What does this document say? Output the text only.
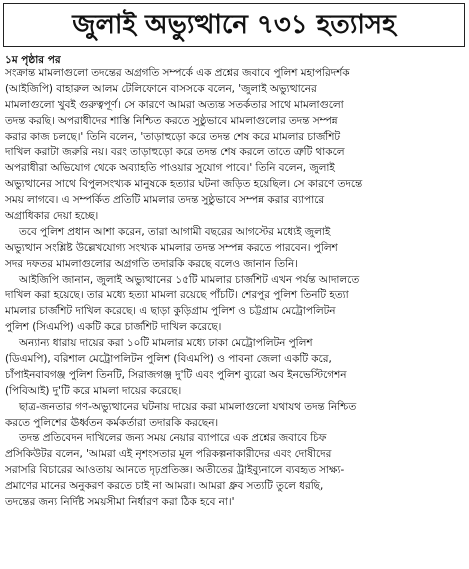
জুলাই অভ্যুত্থানে ৭৩১ হত্যাসহ
১ম পৃষ্ঠার পর
সংক্রান্ত মামলাগুলো তদন্তের অগ্রগতি সম্পর্কে এক প্রশ্নের জবাবে পুলিশ মহাপরিদর্শক
(আইজিপি) বাহারুল আলম টেলিফোনে বাসসকে বলেন, 'জুলাই অভ্যুত্থানের
মামলাগুলো খুবই গুরুত্বপূর্ণ। সে কারণে আমরা অত্যন্ত সতর্কতার সাথে মামলাগুলো
তদন্ত করছি। অপরাধীদের শাস্তি নিশ্চিত করতে সুষ্ঠুভাবে মামলাগুলোর তদন্ত সম্পন্ন
করার কাজ চলছে।' তিনি বলেন, 'তাড়াহুড়ো করে তদন্ত শেষ করে মামলার চার্জশিট
দাখিল করাটা জরুরি নয়। বরং তাড়াহুড়ো করে তদন্ত শেষ করলে তাতে ত্রুটি থাকলে
অপরাধীরা অভিযোগ থেকে অব্যাহতি পাওয়ার সুযোগ পাবে।' তিনি বলেন, জুলাই
অভ্যুত্থানের সাথে বিপুলসংখ্যক মানুষকে হত্যার ঘটনা জড়িত হয়েছিল। সে কারণে তদন্তে
সময় লাগবে। এ সম্পর্কিত প্রতিটি মামলার তদন্ত সুষ্ঠুভাবে সম্পন্ন করার ব্যাপারে
অগ্রাধিকার দেয়া হচ্ছে।
তবে পুলিশ প্রধান আশা করেন, তারা আগামী বছরের আগস্টের মধ্যেই জুলাই
অভ্যুত্থান সংশ্লিষ্ট উল্লেখযোগ্য সংখ্যক মামলার তদন্ত সম্পন্ন করতে পারবেন। পুলিশ
সদর দফতর মামলাগুলোর অগ্রগতি তদারকি করছে বলেও জানান তিনি।
আইজিপি জানান, জুলাই অভ্যুত্থানের ১৫টি মামলার চার্জশিট এখন পর্যন্ত আদালতে
দাখিল করা হয়েছে। তার মধ্যে হত্যা মামলা রয়েছে পাঁচটি। শেরপুর পুলিশ তিনটি হত্যা
মামলার চার্জশিট দাখিল করেছে। এ ছাড়া কুড়িগ্রাম পুলিশ ও চট্টগ্রাম মেট্রোপলিটন
পুলিশ (সিএমপি) একটি করে চার্জশিট দাখিল করেছে।
অন্যান্য ধারায় দায়ের করা ১০টি মামলার মধ্যে ঢাকা মেট্রোপলিটন পুলিশ
(ডিএমপি), বরিশাল মেট্রোপলিটন পুলিশ (বিএমপি) ও পাবনা জেলা একটি করে,
চাঁপাইনবাবগঞ্জ পুলিশ তিনটি, সিরাজগঞ্জ দু'টি এবং পুলিশ ব্যুরো অব ইনভেস্টিগেশন
(পিবিআই) দু'টি করে মামলা দায়ের করেছে।
ছাত্র-জনতার গণ-অভ্যুত্থানের ঘটনায় দায়ের করা মামলাগুলো যথাযথ তদন্ত নিশ্চিত
করতে পুলিশের ঊর্ধ্বতন কর্মকর্তারা তদারকি করছেন।
তদন্ত প্রতিবেদন দাখিলের জন্য সময় নেয়ার ব্যাপারে এক প্রশ্নের জবাবে চিফ
প্রসিকিউটর বলেন, 'আমরা এই নৃশংসতার মূল পরিকল্পনাকারীদের এবং দোষীদের
সরাসরি বিচারের আওতায় আনতে দৃঢ়প্রতিজ্ঞ। অতীতের ট্রাইব্যুনালে ব্যবহৃত সাক্ষ্য-
প্রমাণের মানের অনুকরণ করতে চাই না আমরা। আমরা ধ্রুব সত্যটি তুলে ধরছি,
তদন্তের জন্য নির্দিষ্ট সময়সীমা নির্ধারণ করা ঠিক হবে না।'
